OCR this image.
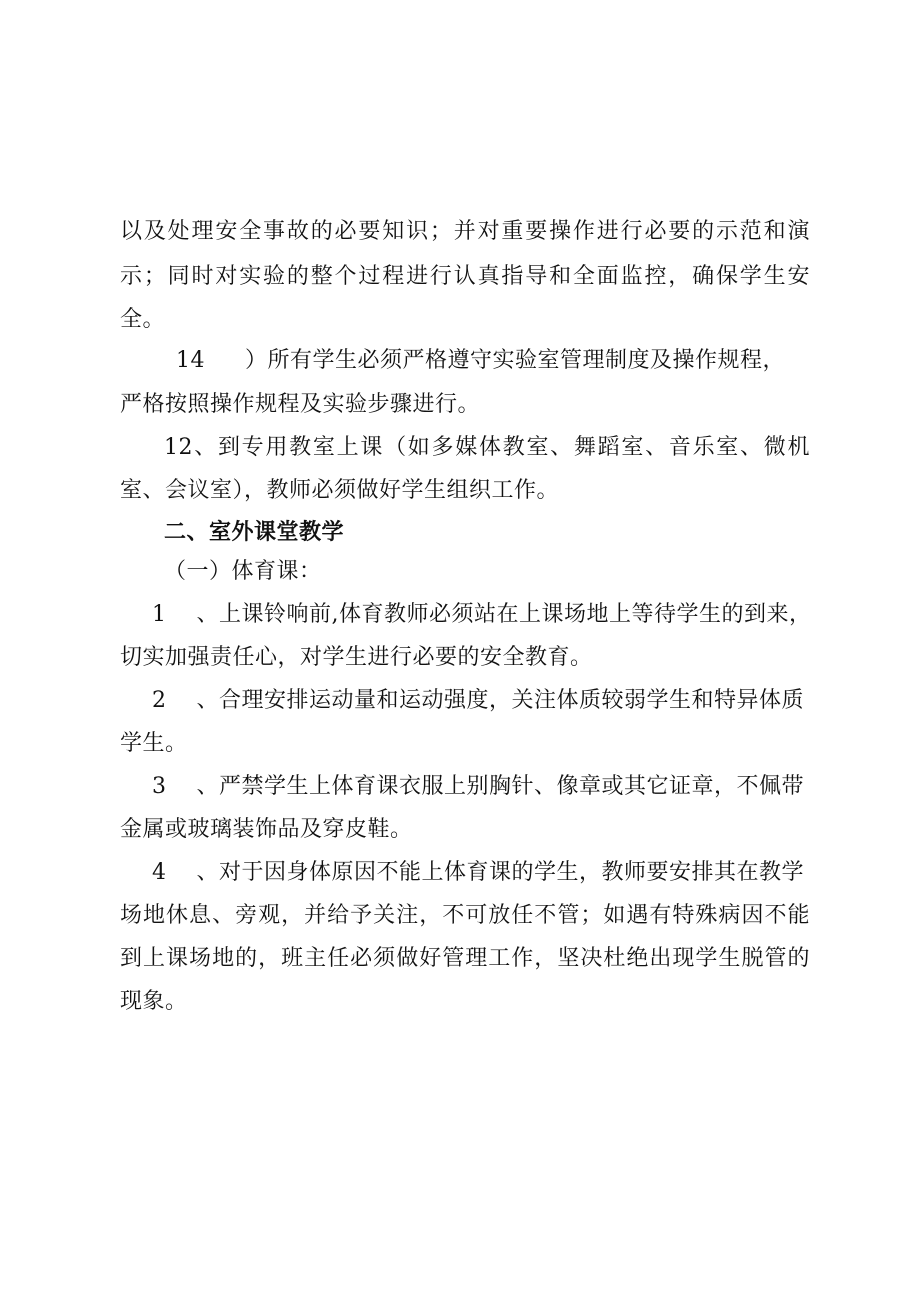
以及处理安全事故的必要知识；并对重要操作进行必要的示范和演
示；同时对实验的整个过程进行认真指导和全面监控，确保学生安
全。
14 ）所有学生必须严格遵守实验室管理制度及操作规程，
严格按照操作规程及实验步骤进行。
12、到专用教室上课（如多媒体教室、舞蹈室、音乐室、微机
室、会议室），教师必须做好学生组织工作。
二、室外课堂教学
（一）体育课：
1 、上课铃响前,体育教师必须站在上课场地上等待学生的到来，
切实加强责任心，对学生进行必要的安全教育。
2 、合理安排运动量和运动强度，关注体质较弱学生和特异体质
学生。
3 、严禁学生上体育课衣服上别胸针、像章或其它证章，不佩带
金属或玻璃装饰品及穿皮鞋。
4 、对于因身体原因不能上体育课的学生，教师要安排其在教学
场地休息、旁观，并给予关注，不可放任不管；如遇有特殊病因不能
到上课场地的，班主任必须做好管理工作，坚决杜绝出现学生脱管的
现象。
